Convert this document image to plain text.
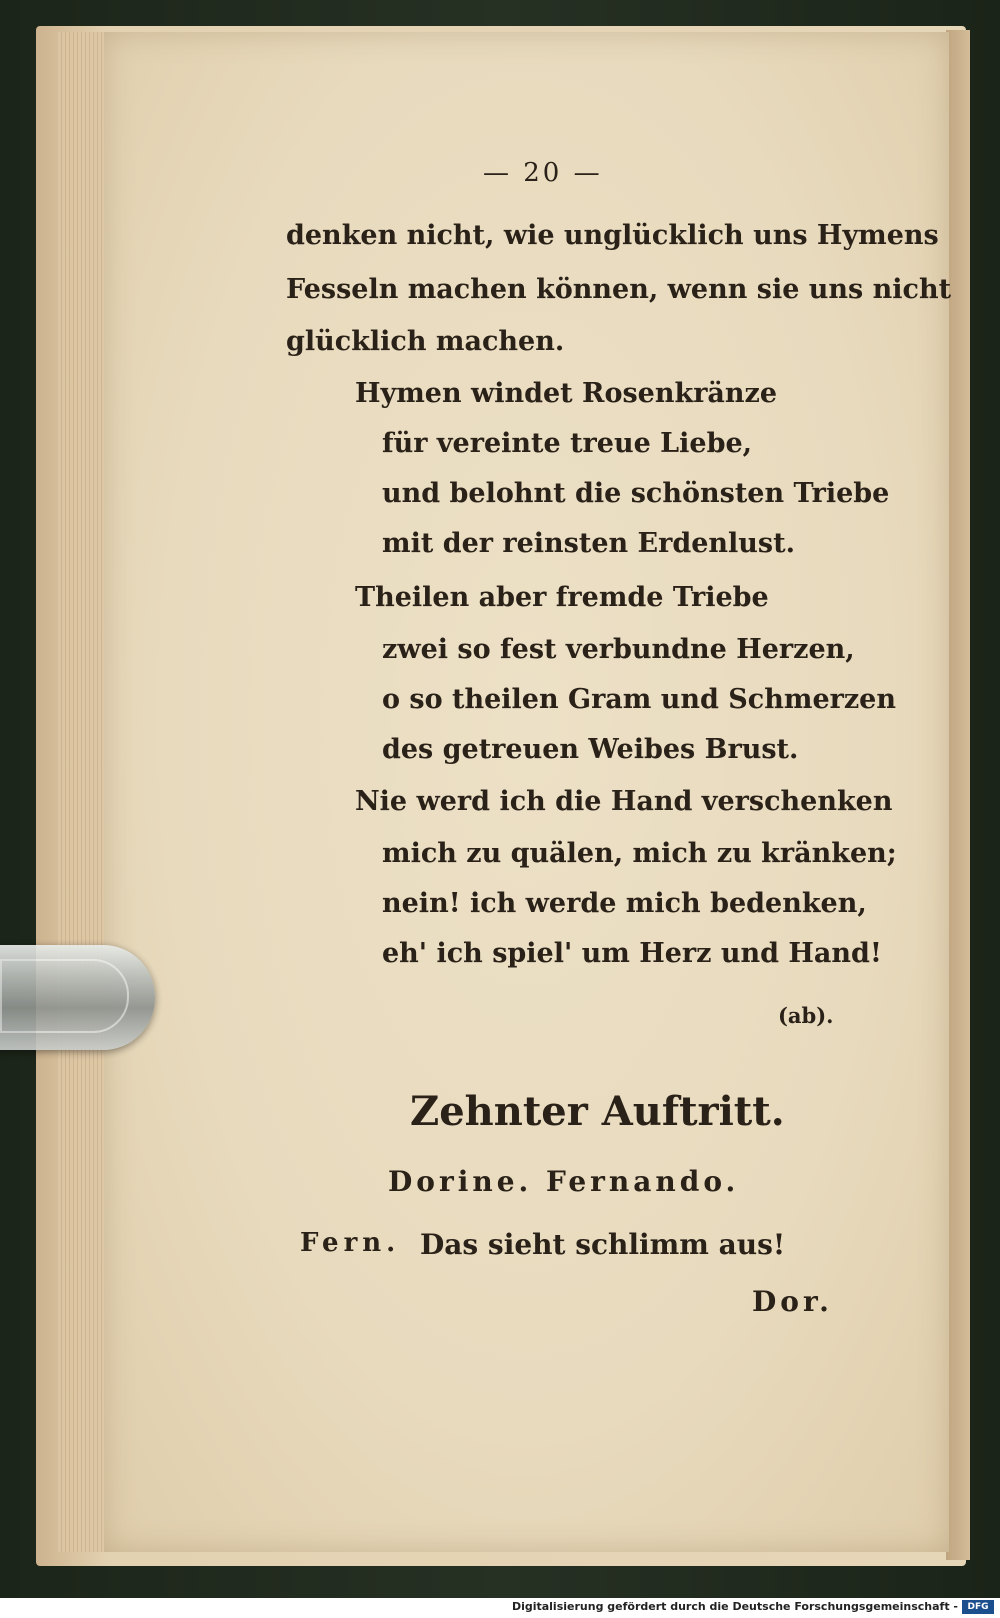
— 20 —
denken nicht, wie unglücklich uns Hymens
Fesseln machen können, wenn sie uns nicht
glücklich machen.
Hymen windet Rosenkränze
für vereinte treue Liebe,
und belohnt die schönsten Triebe
mit der reinsten Erdenlust.
Theilen aber fremde Triebe
zwei so fest verbundne Herzen,
o so theilen Gram und Schmerzen
des getreuen Weibes Brust.
Nie werd ich die Hand verschenken
mich zu quälen, mich zu kränken;
nein! ich werde mich bedenken,
eh' ich spiel' um Herz und Hand!
(ab).
Zehnter Auftritt.
Dorine. Fernando.
Fern. Das sieht schlimm aus!
Dor.
Digitalisierung gefördert durch die Deutsche Forschungsgemeinschaft -	DFG
